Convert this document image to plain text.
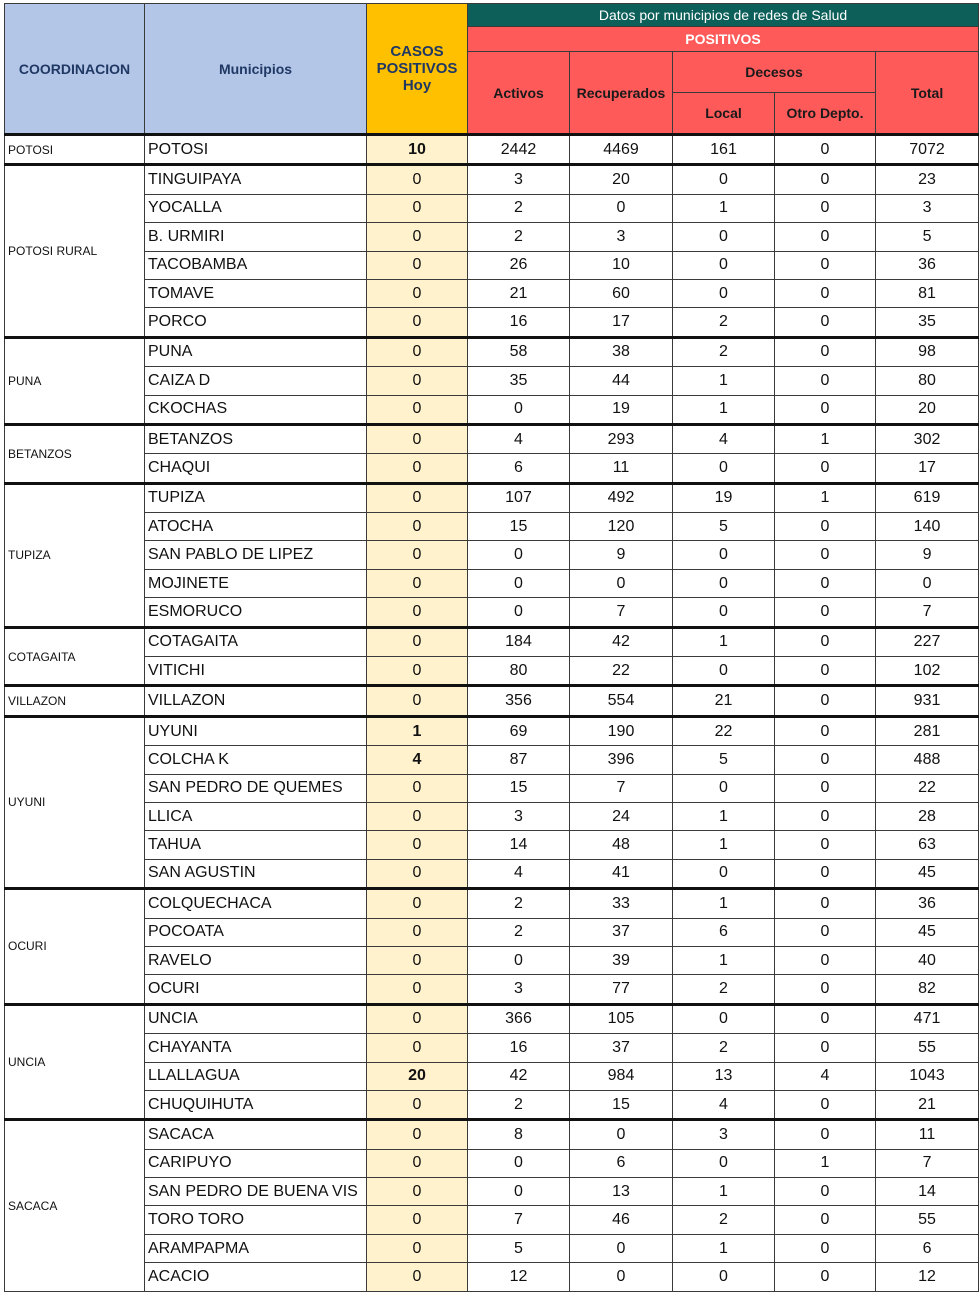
COORDINACION	Municipios	CASOS POSITIVOS Hoy	Datos por municipios de redes de Salud				
			POSITIVOS				
			Activos	Recuperados	Decesos		Total
					Local	Otro Depto.	
POTOSI	POTOSI	10	2442	4469	161	0	7072
POTOSI RURAL	TINGUIPAYA	0	3	20	0	0	23
	YOCALLA	0	2	0	1	0	3
	B. URMIRI	0	2	3	0	0	5
	TACOBAMBA	0	26	10	0	0	36
	TOMAVE	0	21	60	0	0	81
	PORCO	0	16	17	2	0	35
PUNA	PUNA	0	58	38	2	0	98
	CAIZA D	0	35	44	1	0	80
	CKOCHAS	0	0	19	1	0	20
BETANZOS	BETANZOS	0	4	293	4	1	302
	CHAQUI	0	6	11	0	0	17
TUPIZA	TUPIZA	0	107	492	19	1	619
	ATOCHA	0	15	120	5	0	140
	SAN PABLO DE LIPEZ	0	0	9	0	0	9
	MOJINETE	0	0	0	0	0	0
	ESMORUCO	0	0	7	0	0	7
COTAGAITA	COTAGAITA	0	184	42	1	0	227
	VITICHI	0	80	22	0	0	102
VILLAZON	VILLAZON	0	356	554	21	0	931
UYUNI	UYUNI	1	69	190	22	0	281
	COLCHA K	4	87	396	5	0	488
	SAN PEDRO DE QUEMES	0	15	7	0	0	22
	LLICA	0	3	24	1	0	28
	TAHUA	0	14	48	1	0	63
	SAN AGUSTIN	0	4	41	0	0	45
OCURI	COLQUECHACA	0	2	33	1	0	36
	POCOATA	0	2	37	6	0	45
	RAVELO	0	0	39	1	0	40
	OCURI	0	3	77	2	0	82
UNCIA	UNCIA	0	366	105	0	0	471
	CHAYANTA	0	16	37	2	0	55
	LLALLAGUA	20	42	984	13	4	1043
	CHUQUIHUTA	0	2	15	4	0	21
SACACA	SACACA	0	8	0	3	0	11
	CARIPUYO	0	0	6	0	1	7
	SAN PEDRO DE BUENA VIS	0	0	13	1	0	14
	TORO TORO	0	7	46	2	0	55
	ARAMPAPMA	0	5	0	1	0	6
	ACACIO	0	12	0	0	0	12
